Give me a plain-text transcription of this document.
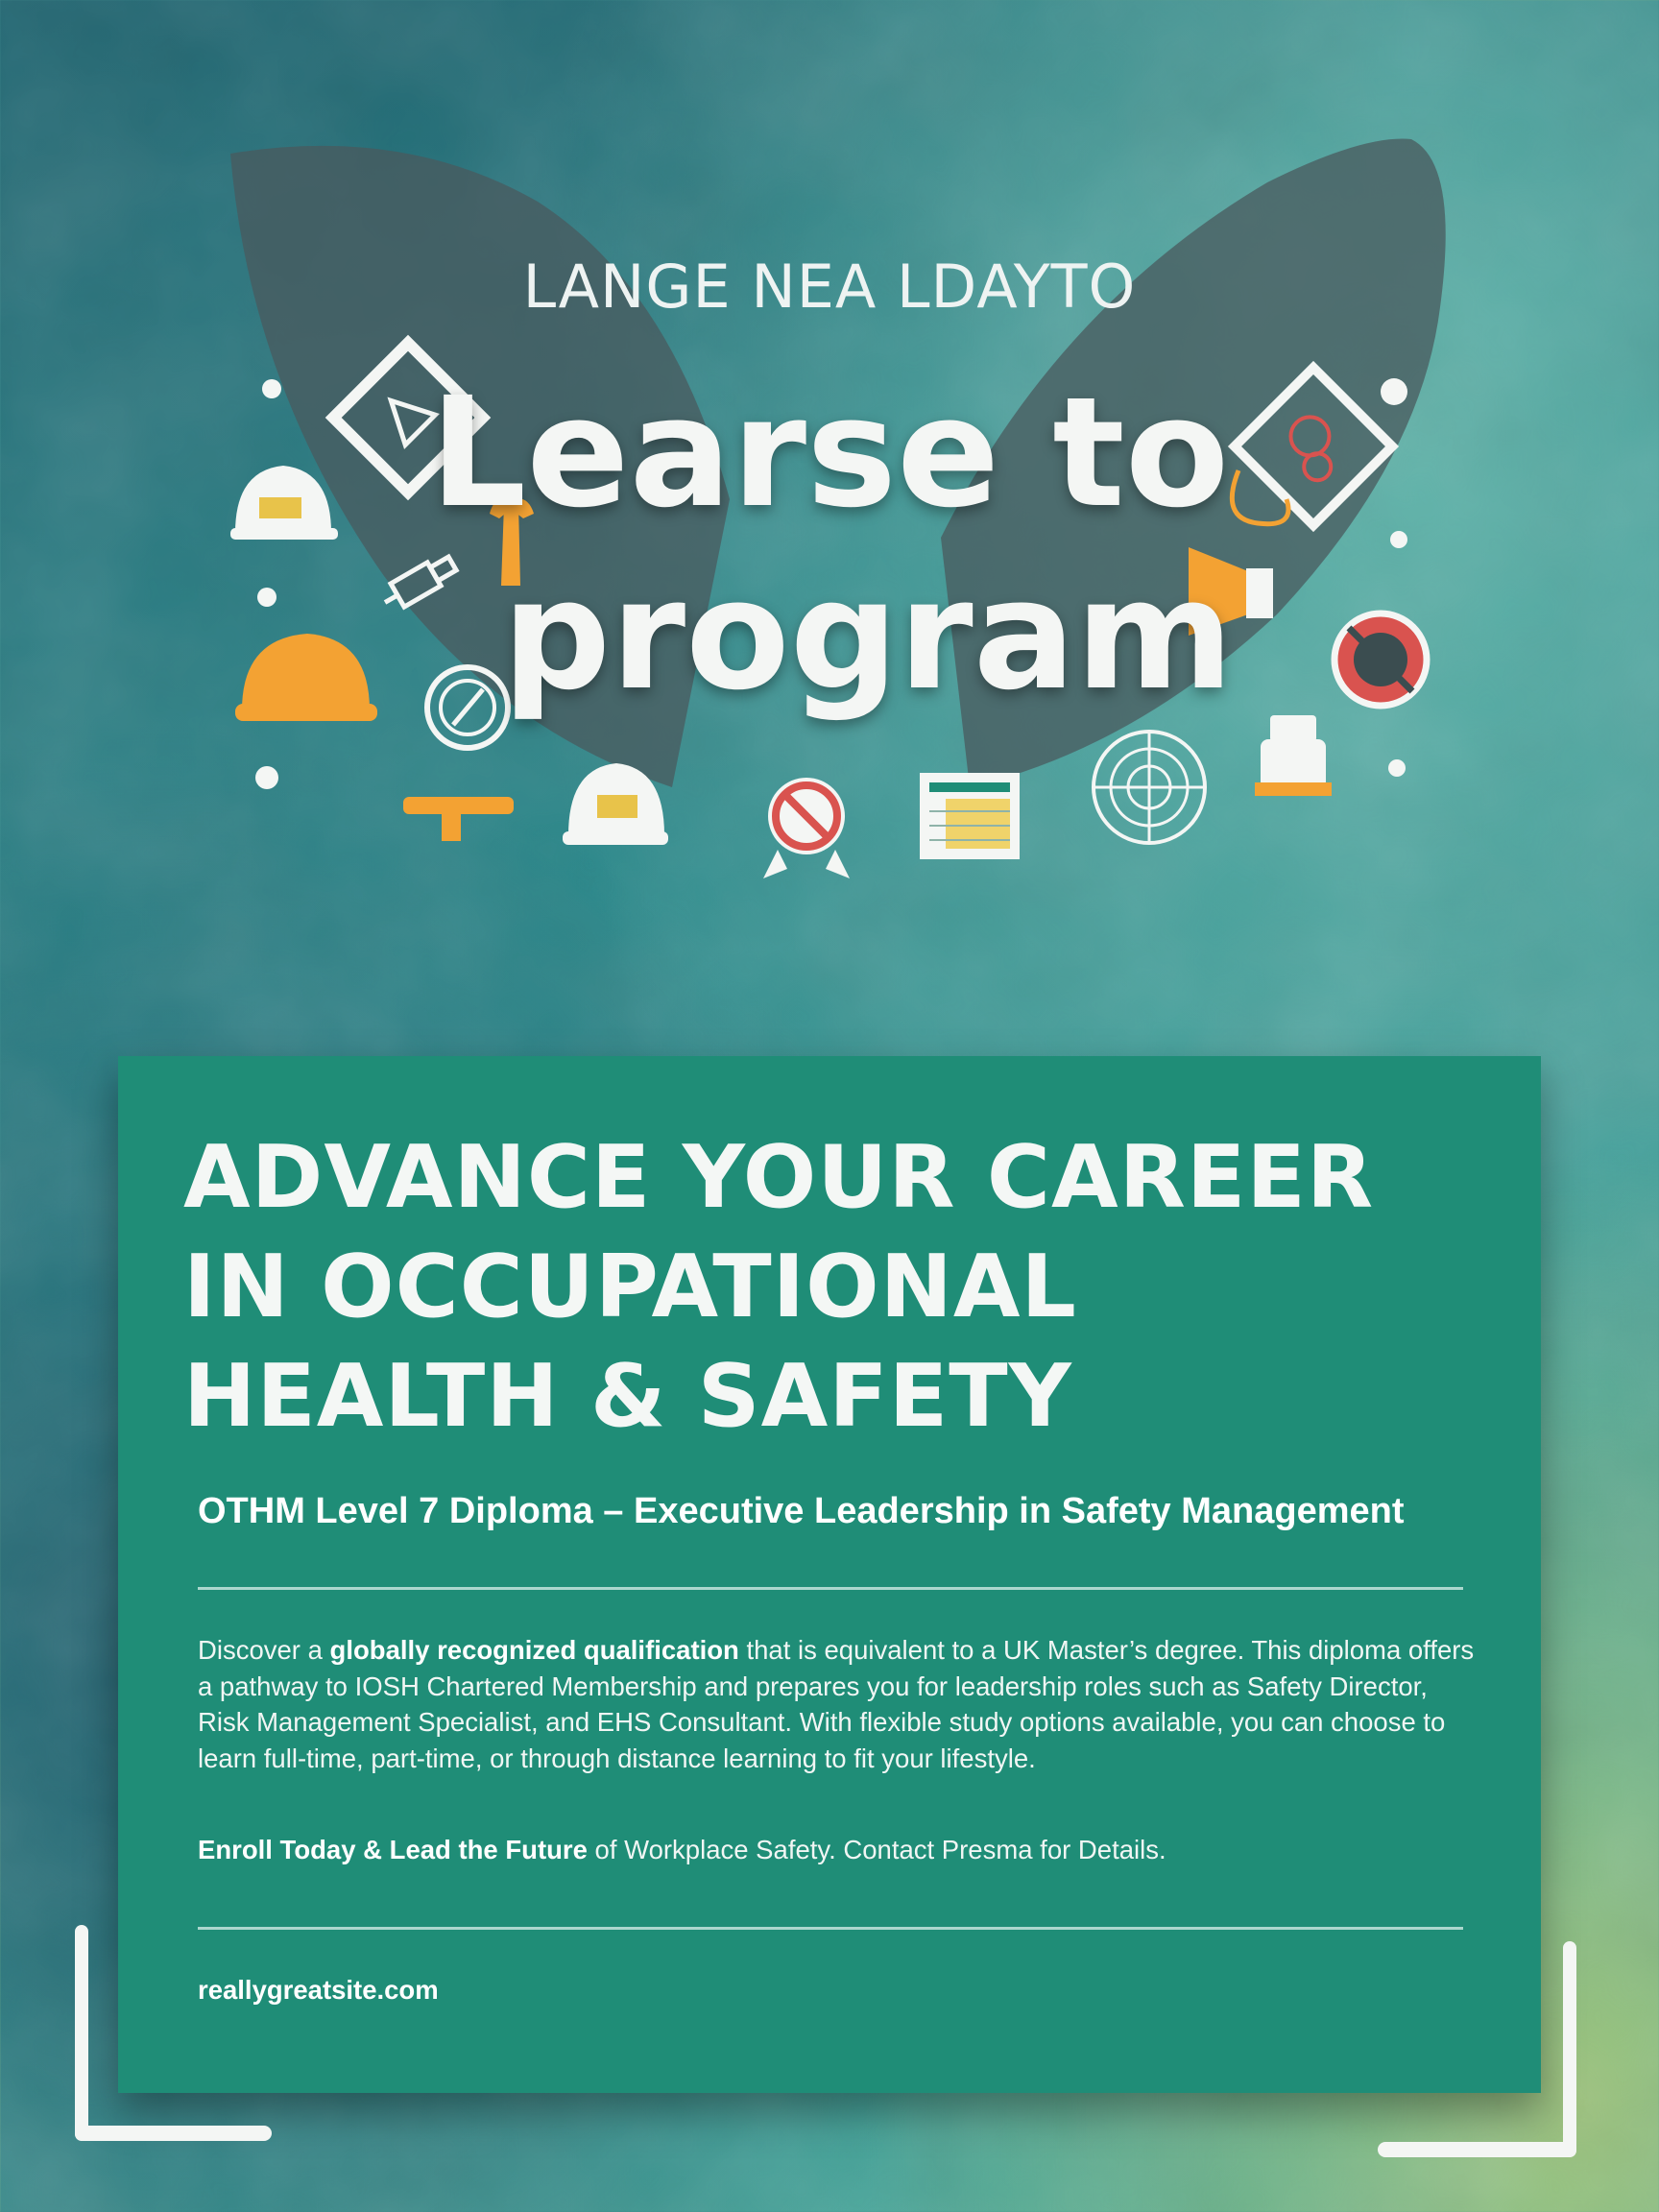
LANGE NEA LDAYTO
Learse to
program
ADVANCE YOUR CAREER
IN OCCUPATIONAL
HEALTH & SAFETY
OTHM Level 7 Diploma – Executive Leadership in Safety Management
Discover a globally recognized qualification that is equivalent to a UK Master’s degree. This diploma offers a pathway to IOSH Chartered Membership and prepares you for leadership roles such as Safety Director, Risk Management Specialist, and EHS Consultant. With flexible study options available, you can choose to learn full-time, part-time, or through distance learning to fit your lifestyle.
Enroll Today & Lead the Future of Workplace Safety. Contact Presma for Details.
reallygreatsite.com
